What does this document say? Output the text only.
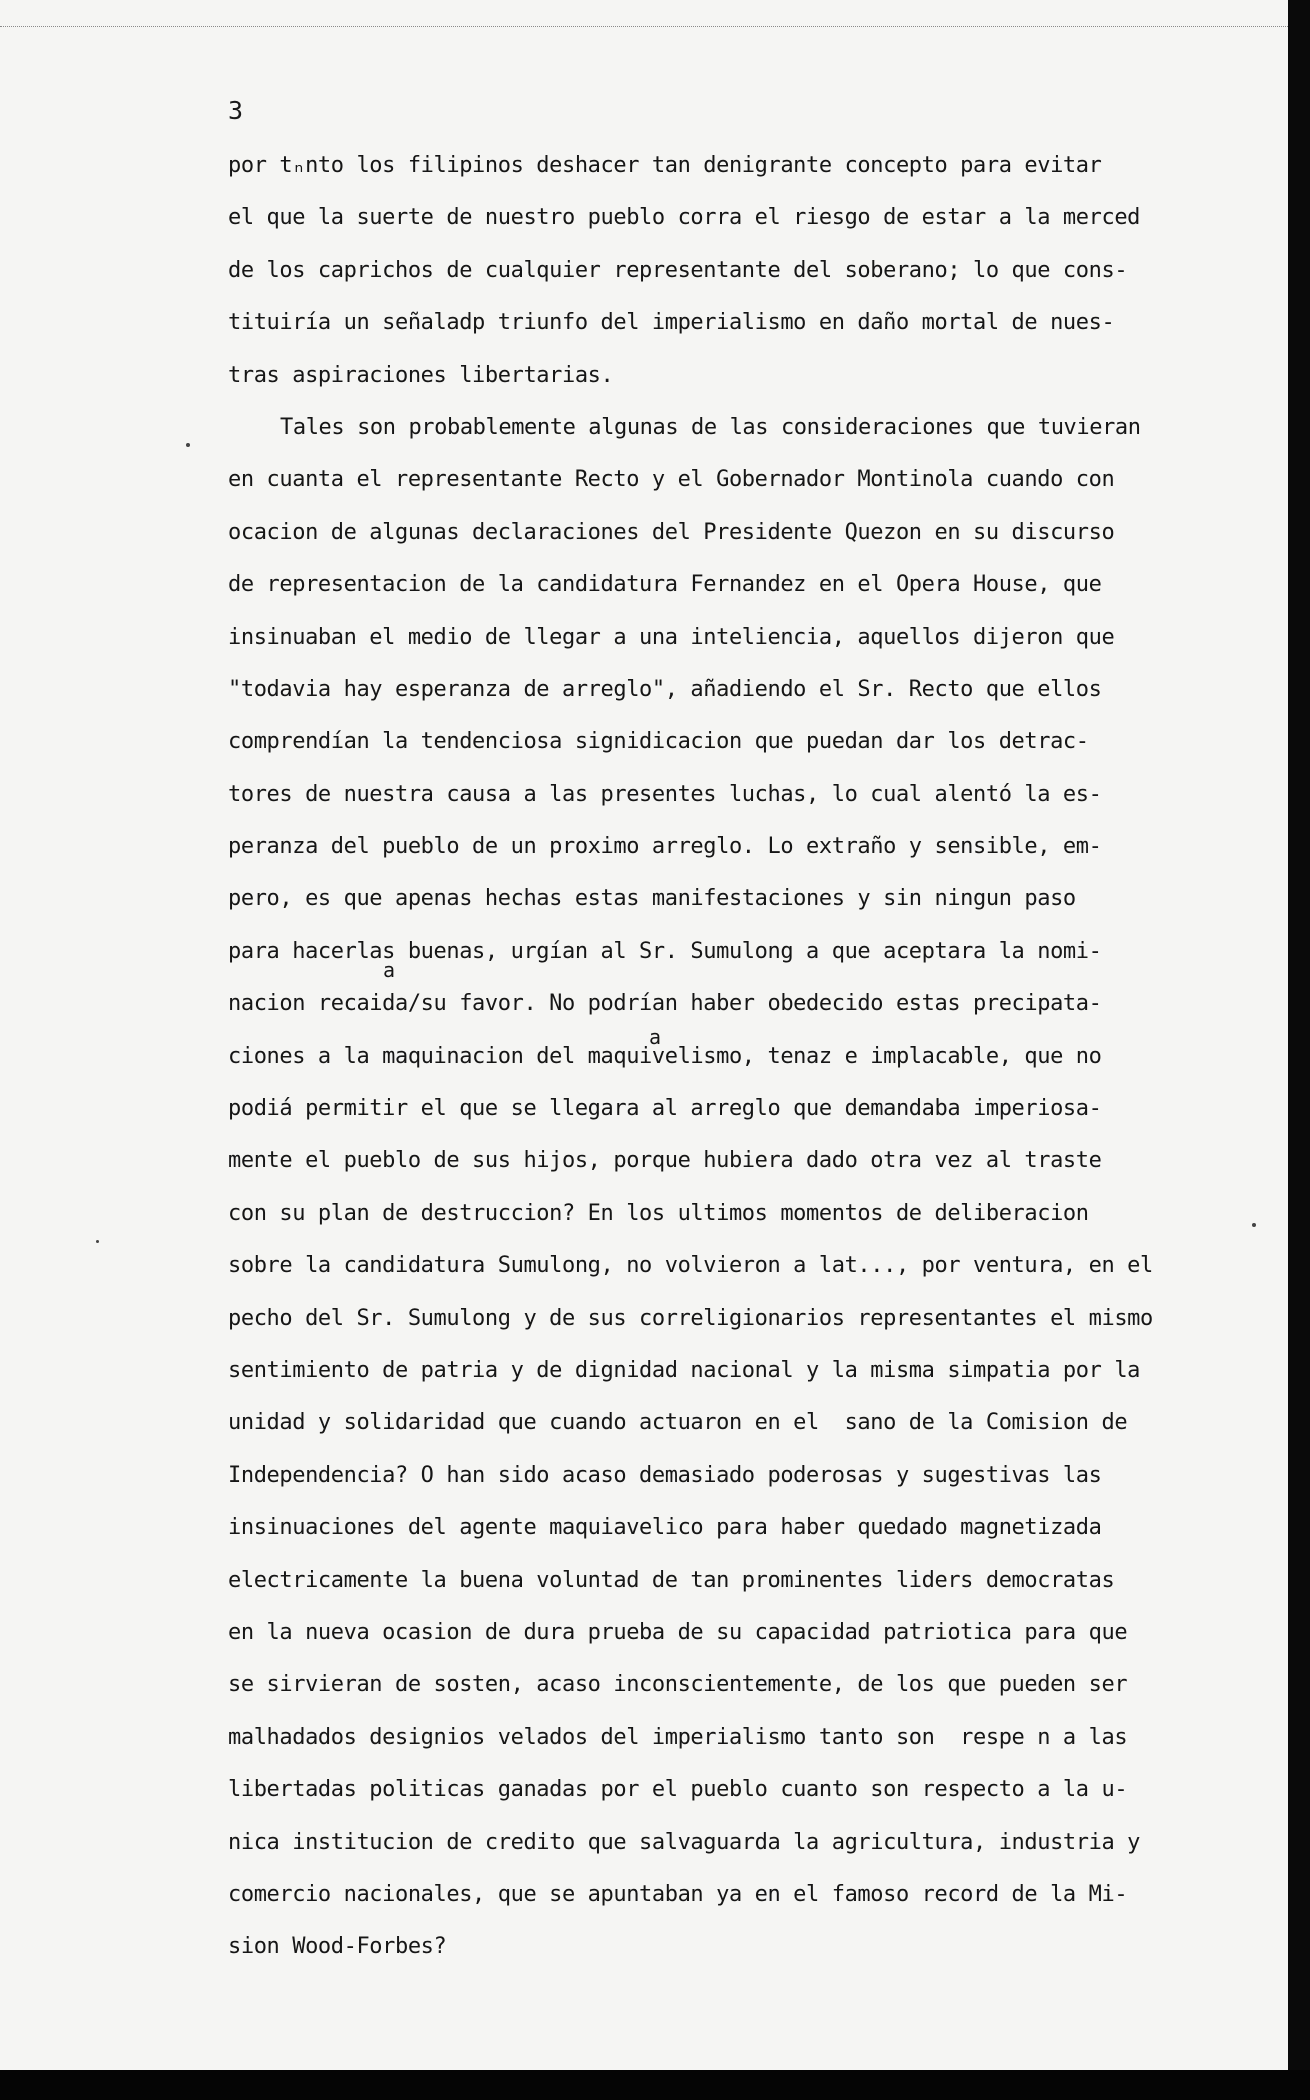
3
por tₙnto los filipinos deshacer tan denigrante concepto para evitar
el que la suerte de nuestro pueblo corra el riesgo de estar a la merced
de los caprichos de cualquier representante del soberano; lo que cons-
tituiría un señaladp triunfo del imperialismo en daño mortal de nues-
tras aspiraciones libertarias.
Tales son probablemente algunas de las consideraciones que tuvieran
en cuanta el representante Recto y el Gobernador Montinola cuando con
ocacion de algunas declaraciones del Presidente Quezon en su discurso
de representacion de la candidatura Fernandez en el Opera House, que
insinuaban el medio de llegar a una inteliencia, aquellos dijeron que
"todavia hay esperanza de arreglo", añadiendo el Sr. Recto que ellos
comprendían la tendenciosa signidicacion que puedan dar los detrac-
tores de nuestra causa a las presentes luchas, lo cual alentó la es-
peranza del pueblo de un proximo arreglo. Lo extraño y sensible, em-
pero, es que apenas hechas estas manifestaciones y sin ningun paso
para hacerlas buenas, urgían al Sr. Sumulong a que aceptara la nomi-
nacion recaida/su favor. No podrían haber obedecido estas precipata-
ciones a la maquinacion del maquivelismo, tenaz e implacable, que no
podiá permitir el que se llegara al arreglo que demandaba imperiosa-
mente el pueblo de sus hijos, porque hubiera dado otra vez al traste
con su plan de destruccion? En los ultimos momentos de deliberacion
sobre la candidatura Sumulong, no volvieron a lat..., por ventura, en el
pecho del Sr. Sumulong y de sus correligionarios representantes el mismo
sentimiento de patria y de dignidad nacional y la misma simpatia por la
unidad y solidaridad que cuando actuaron en el  sano de la Comision de
Independencia? O han sido acaso demasiado poderosas y sugestivas las
insinuaciones del agente maquiavelico para haber quedado magnetizada
electricamente la buena voluntad de tan prominentes liders democratas
en la nueva ocasion de dura prueba de su capacidad patriotica para que
se sirvieran de sosten, acaso inconscientemente, de los que pueden ser
malhadados designios velados del imperialismo tanto son  respe n a las
libertadas politicas ganadas por el pueblo cuanto son respecto a la u-
nica institucion de credito que salvaguarda la agricultura, industria y
comercio nacionales, que se apuntaban ya en el famoso record de la Mi-
sion Wood-Forbes?
a
a
